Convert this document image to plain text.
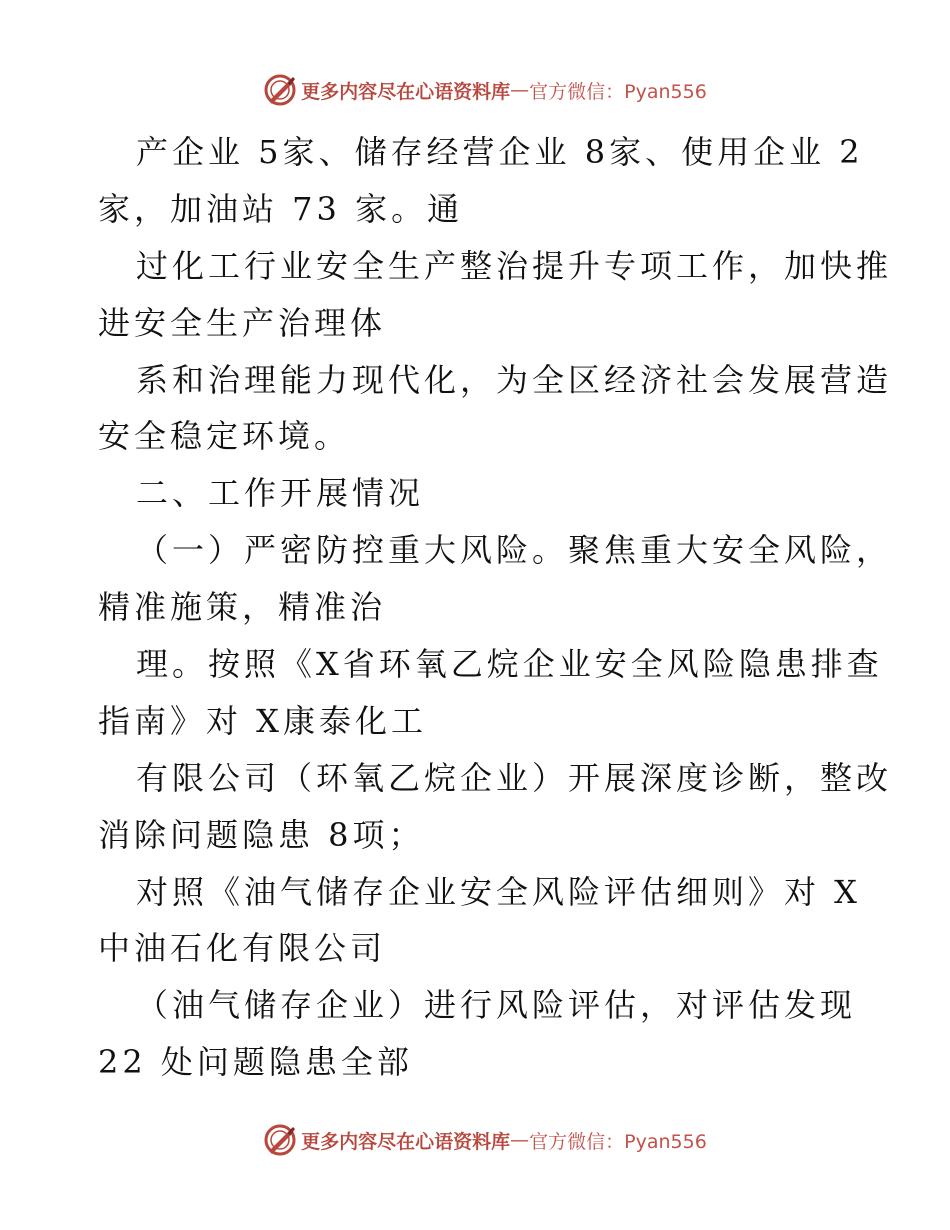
更多内容尽在心语资料库 — 官方微信：Pyan556
产企业 5家、储存经营企业 8家、使用企业 2
家，加油站 73 家。通
过化工行业安全生产整治提升专项工作，加快推
进安全生产治理体
系和治理能力现代化，为全区经济社会发展营造
安全稳定环境。
二、工作开展情况
（一）严密防控重大风险。聚焦重大安全风险，
精准施策，精准治
理。按照《X省环氧乙烷企业安全风险隐患排查
指南》对 X康泰化工
有限公司（环氧乙烷企业）开展深度诊断，整改
消除问题隐患 8项；
对照《油气储存企业安全风险评估细则》对 X
中油石化有限公司
（油气储存企业）进行风险评估，对评估发现
22 处问题隐患全部
更多内容尽在心语资料库 — 官方微信：Pyan556
